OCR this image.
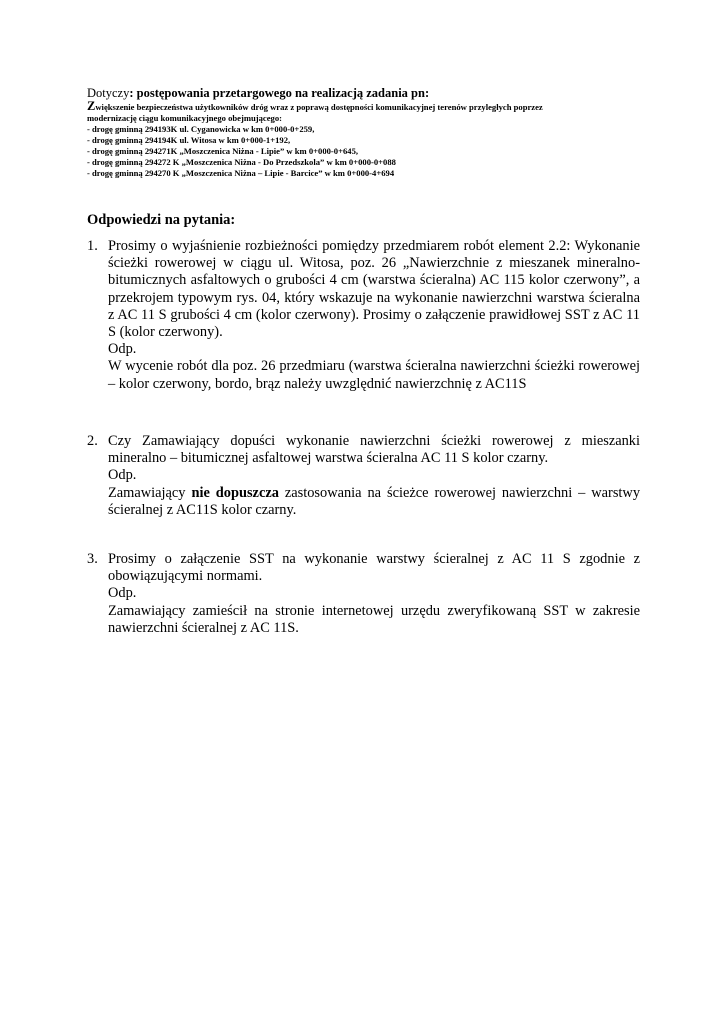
Dotyczy: postępowania przetargowego na realizacją zadania pn:
Zwiększenie bezpieczeństwa użytkowników dróg wraz z poprawą dostępności komunikacyjnej terenów przyległych poprzez
modernizację ciągu komunikacyjnego obejmującego:
- drogę gminną 294193K ul. Cyganowicka w km 0+000-0+259,
- drogę gminną 294194K ul. Witosa w km 0+000-1+192,
- drogę gminną 294271K „Moszczenica Niżna - Lipie” w km 0+000-0+645,
- drogę gminną 294272 K „Moszczenica Niżna - Do Przedszkola” w km 0+000-0+088
- drogę gminną 294270 K „Moszczenica Niżna – Lipie - Barcice” w km 0+000-4+694
Odpowiedzi na pytania:
1. Prosimy o wyjaśnienie rozbieżności pomiędzy przedmiarem robót element 2.2: Wykonanie ścieżki rowerowej w ciągu ul. Witosa, poz. 26 „Nawierzchnie z mieszanek mineralno-bitumicznych asfaltowych o grubości 4 cm (warstwa ścieralna) AC 115 kolor czerwony”, a przekrojem typowym rys. 04, który wskazuje na wykonanie nawierzchni warstwa ścieralna z AC 11 S grubości 4 cm (kolor czerwony). Prosimy o załączenie prawidłowej SST z AC 11 S (kolor czerwony).

Odp.

W wycenie robót dla poz. 26 przedmiaru (warstwa ścieralna nawierzchni ścieżki rowerowej – kolor czerwony, bordo, brąz należy uwzględnić nawierzchnię z AC11S

2. Czy Zamawiający dopuści wykonanie nawierzchni ścieżki rowerowej z mieszanki mineralno – bitumicznej asfaltowej warstwa ścieralna AC 11 S kolor czarny.

Odp.

Zamawiający nie dopuszcza zastosowania na ścieżce rowerowej nawierzchni – warstwy ścieralnej z AC11S kolor czarny.

3. Prosimy o załączenie SST na wykonanie warstwy ścieralnej z AC 11 S zgodnie z obowiązującymi normami.

Odp.

Zamawiający zamieścił na stronie internetowej urzędu zweryfikowaną SST w zakresie nawierzchni ścieralnej z AC 11S.
